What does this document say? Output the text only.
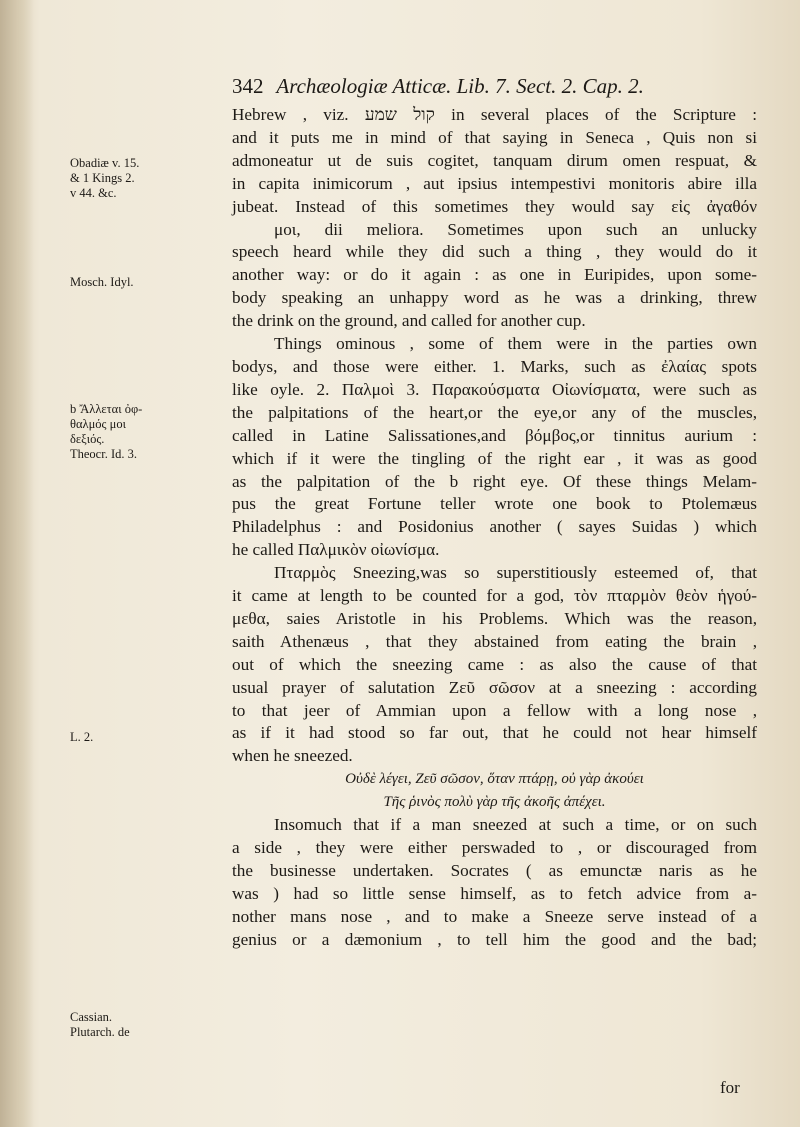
342 Archæologiæ Atticæ. Lib. 7. Sect. 2. Cap. 2.
Obadiæ v. 15.
& 1 Kings 2.
v 44. &c.
Mosch. Idyl.
b Ἄλλεται ὀφ-
θαλμός μοι
δεξιός.
Theocr. Id. 3.
L. 2.
Cassian.
Plutarch. de

Hebrew , viz. קול שמע in several places of the Scripture :

and it puts me in mind of that saying in Seneca , Quis non si

admoneatur ut de suis cogitet, tanquam dirum omen respuat, &

in capita inimicorum , aut ipsius intempestivi monitoris abire illa

jubeat. Instead of this sometimes they would say εἰς ἀγαθόν

μοι, dii meliora. Sometimes upon such an unlucky

speech heard while they did such a thing , they would do it

another way: or do it again : as one in Euripides, upon some-

body speaking an unhappy word as he was a drinking, threw

the drink on the ground, and called for another cup.

Things ominous , some of them were in the parties own

bodys, and those were either. 1. Marks, such as ἐλαίας spots

like oyle. 2. Παλμοὶ 3. Παρακούσματα Οἰωνίσματα, were such as

the palpitations of the heart,or the eye,or any of the muscles,

called in Latine Salissationes,and βόμβος,or tinnitus aurium :

which if it were the tingling of the right ear , it was as good

as the palpitation of the b right eye. Of these things Melam-

pus the great Fortune teller wrote one book to Ptolemæus

Philadelphus : and Posidonius another ( sayes Suidas ) which

he called Παλμικὸν οἰωνίσμα.

Πταρμὸς Sneezing,was so superstitiously esteemed of, that

it came at length to be counted for a god, τὸν πταρμὸν θεὸν ἡγού-

μεθα, saies Aristotle in his Problems. Which was the reason,

saith Athenæus , that they abstained from eating the brain ,

out of which the sneezing came : as also the cause of that

usual prayer of salutation Ζεῦ σῶσον at a sneezing : according

to that jeer of Ammian upon a fellow with a long nose ,

as if it had stood so far out, that he could not hear himself

when he sneezed.

Οὐδὲ λέγει, Ζεῦ σῶσον, ὅταν πτάρῃ, οὐ γὰρ ἀκούει

Τῆς ῥινὸς πολὺ γὰρ τῆς ἀκοῆς ἀπέχει.

Insomuch that if a man sneezed at such a time, or on such

a side , they were either perswaded to , or discouraged from

the businesse undertaken. Socrates ( as emunctæ naris as he

was ) had so little sense himself, as to fetch advice from a-

nother mans nose , and to make a Sneeze serve instead of a

genius or a dæmonium , to tell him the good and the bad;

for
